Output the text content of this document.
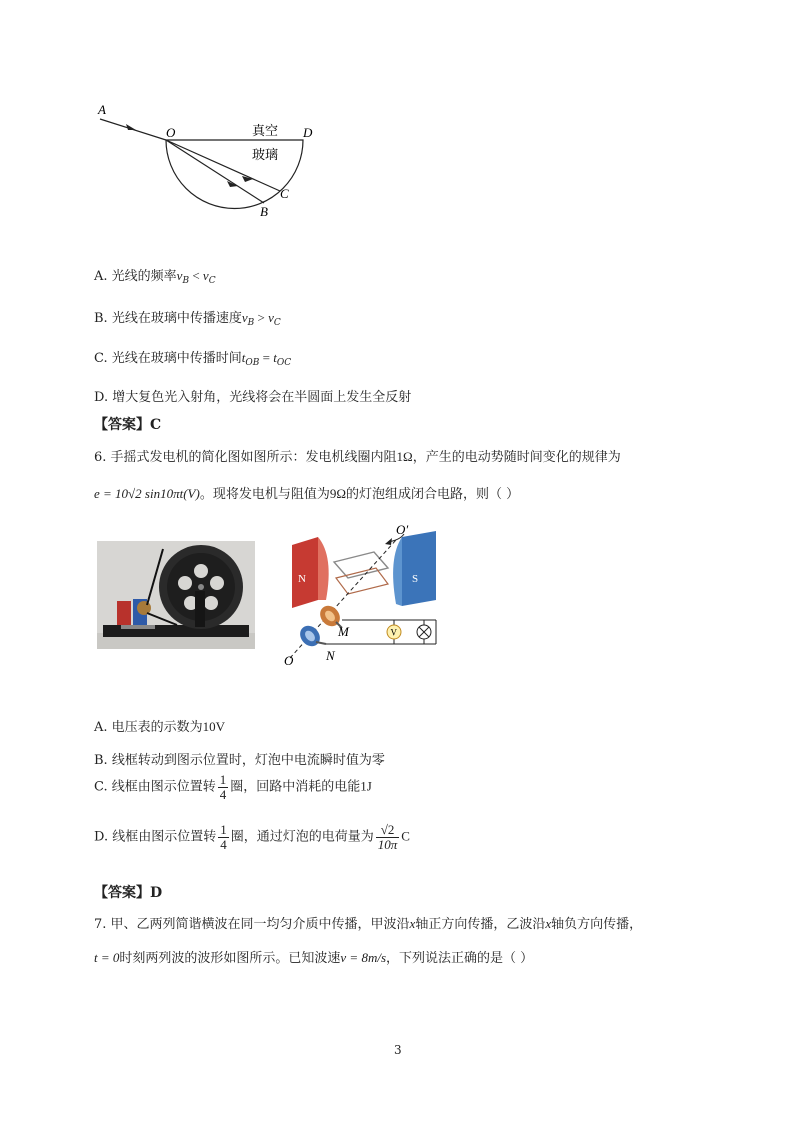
A
O	D
B
C
真空
玻璃
A. 光线的频率$\nu_B < \nu_C$
B. 光线在玻璃中传播速度$v_B > v_C$
C. 光线在玻璃中传播时间$t_{OB} = t_{OC}$
D. 增大复色光入射角，光线将会在半圆面上发生全反射
【答案】C
6. 手摇式发电机的简化图如图所示：发电机线圈内阻1Ω，产生的电动势随时间变化的规律为
e = 10√2 sin10πt(V)。现将发电机与阻值为9Ω的灯泡组成闭合电路，则（ ）
N	S
O′
V
M
N
O
A. 电压表的示数为10V
B. 线框转动到图示位置时，灯泡中电流瞬时值为零
C. 线框由图示位置转 $\frac{1}{4}$ 圈，回路中消耗的电能1J
D. 线框由图示位置转 $\frac{1}{4}$ 圈，通过灯泡的电荷量为 $\frac{√2}{10\pi}$ C
【答案】D
7. 甲、乙两列简谐横波在同一均匀介质中传播，甲波沿x轴正方向传播，乙波沿x轴负方向传播，
t = 0时刻两列波的波形如图所示。已知波速v = 8m/s，下列说法正确的是（ ）
3
